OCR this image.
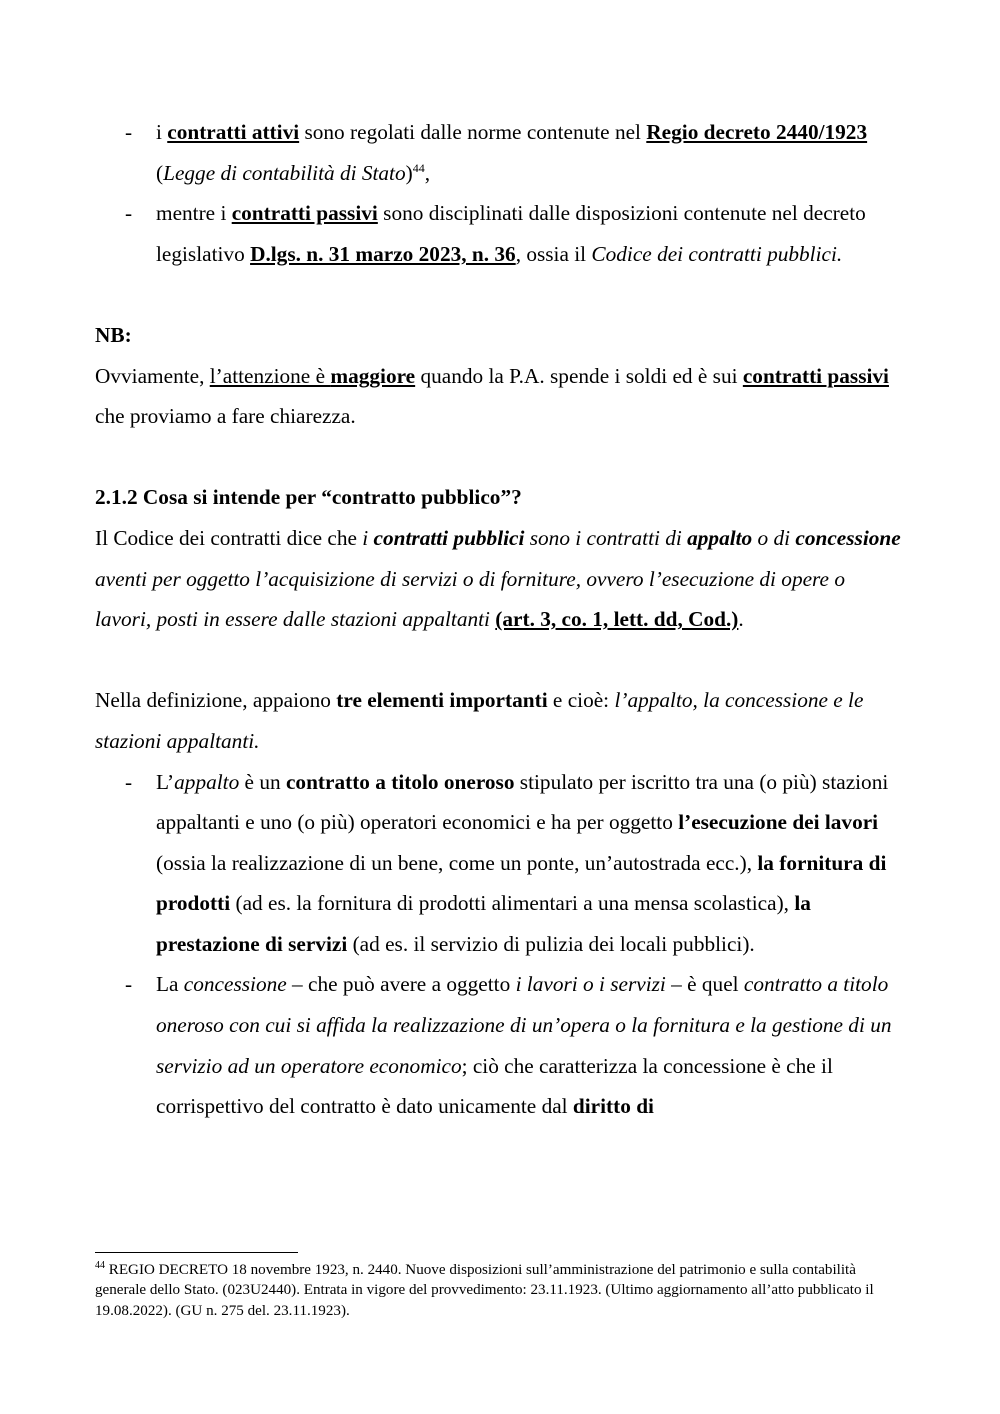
- i contratti attivi sono regolati dalle norme contenute nel Regio decreto 2440/1923 (Legge di contabilità di Stato)$^{44}$,
- mentre i contratti passivi sono disciplinati dalle disposizioni contenute nel decreto legislativo D.lgs. n. 31 marzo 2023, n. 36, ossia il Codice dei contratti pubblici.

NB:

Ovviamente, l’attenzione è maggiore quando la P.A. spende i soldi ed è sui contratti passivi che proviamo a fare chiarezza.

2.1.2 Cosa si intende per “contratto pubblico”?

Il Codice dei contratti dice che i contratti pubblici sono i contratti di appalto o di concessione aventi per oggetto l’acquisizione di servizi o di forniture, ovvero l’esecuzione di opere o lavori, posti in essere dalle stazioni appaltanti (art. 3, co. 1, lett. dd, Cod.).

Nella definizione, appaiono tre elementi importanti e cioè: l’appalto, la concessione e le stazioni appaltanti.

- L’appalto è un contratto a titolo oneroso stipulato per iscritto tra una (o più) stazioni appaltanti e uno (o più) operatori economici e ha per oggetto l’esecuzione dei lavori (ossia la realizzazione di un bene, come un ponte, un’autostrada ecc.), la fornitura di prodotti (ad es. la fornitura di prodotti alimentari a una mensa scolastica), la prestazione di servizi (ad es. il servizio di pulizia dei locali pubblici).
- La concessione – che può avere a oggetto i lavori o i servizi – è quel contratto a titolo oneroso con cui si affida la realizzazione di un’opera o la fornitura e la gestione di un servizio ad un operatore economico; ciò che caratterizza la concessione è che il corrispettivo del contratto è dato unicamente dal diritto di
$^{44}$ REGIO DECRETO 18 novembre 1923, n. 2440. Nuove disposizioni sull’amministrazione del patrimonio e sulla contabilità generale dello Stato. (023U2440). Entrata in vigore del provvedimento: 23.11.1923. (Ultimo aggiornamento all’atto pubblicato il 19.08.2022). (GU n. 275 del. 23.11.1923).
